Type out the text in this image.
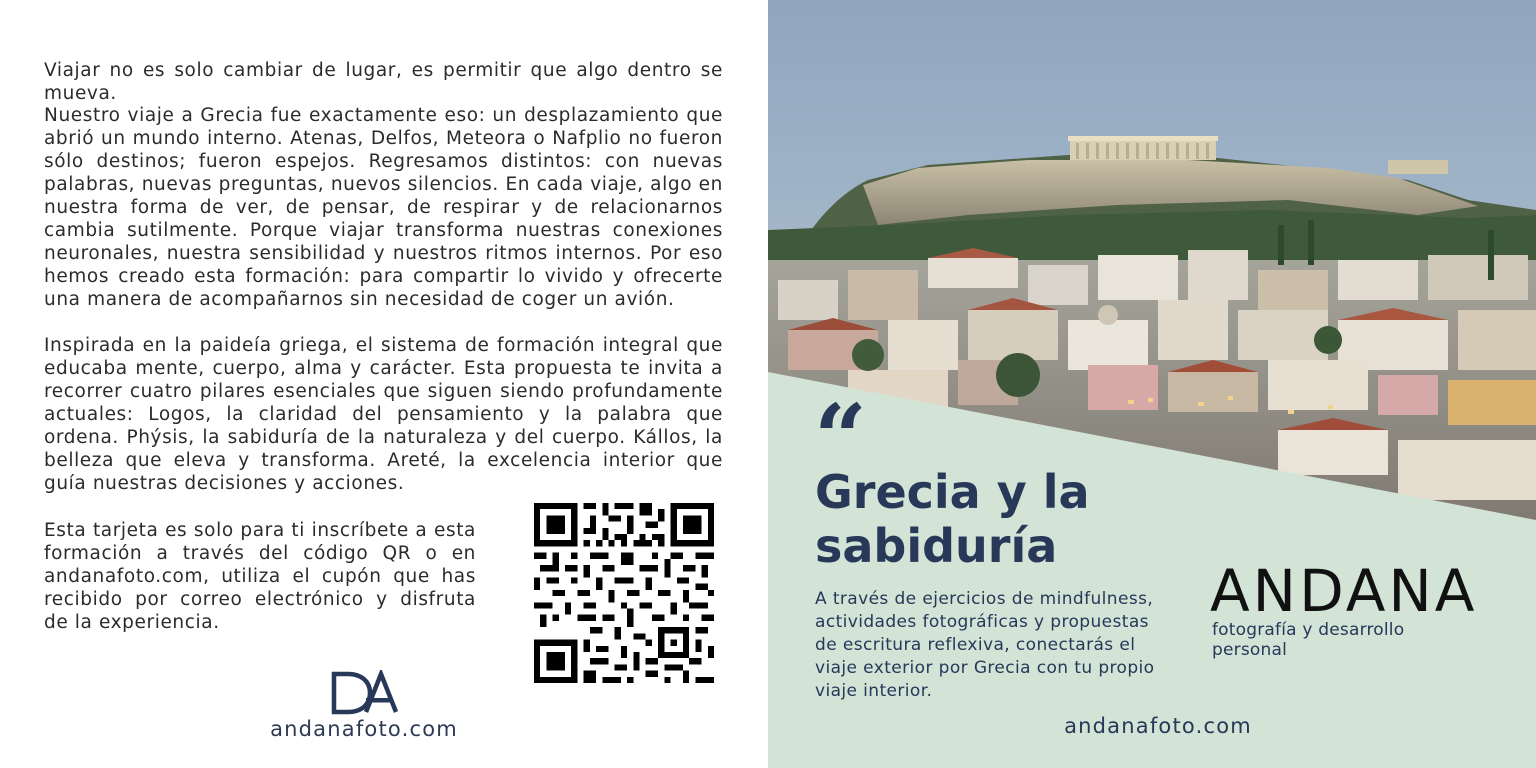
Viajar no es solo cambiar de lugar, es permitir que algo dentro se mueva.

Nuestro viaje a Grecia fue exactamente eso: un desplazamiento que abrió un mundo interno. Atenas, Delfos, Meteora o Nafplio no fueron sólo destinos; fueron espejos. Regresamos distintos: con nuevas palabras, nuevas preguntas, nuevos silencios. En cada viaje, algo en nuestra forma de ver, de pensar, de respirar y de relacionarnos cambia sutilmente. Porque viajar transforma nuestras conexiones neuronales, nuestra sensibilidad y nuestros ritmos internos. Por eso hemos creado esta formación: para compartir lo vivido y ofrecerte una manera de acompañarnos sin necesidad de coger un avión.

Inspirada en la paideía griega, el sistema de formación integral que educaba mente, cuerpo, alma y carácter. Esta propuesta te invita a recorrer cuatro pilares esenciales que siguen siendo profundamente actuales: Logos, la claridad del pensamiento y la palabra que ordena. Phýsis, la sabiduría de la naturaleza y del cuerpo. Kállos, la belleza que eleva y transforma. Areté, la excelencia interior que guía nuestras decisiones y acciones.

Esta tarjeta es solo para ti inscríbete a esta formación a través del código QR o en andanafoto.com, utiliza el cupón que has recibido por correo electrónico y disfruta de la experiencia.

andanafoto.com
“
Grecia y la sabiduría

A través de ejercicios de mindfulness, actividades fotográficas y propuestas de escritura reflexiva, conectarás el viaje exterior por Grecia con tu propio viaje interior.

ANDANA
fotografía y desarrollo personal
andanafoto.com
